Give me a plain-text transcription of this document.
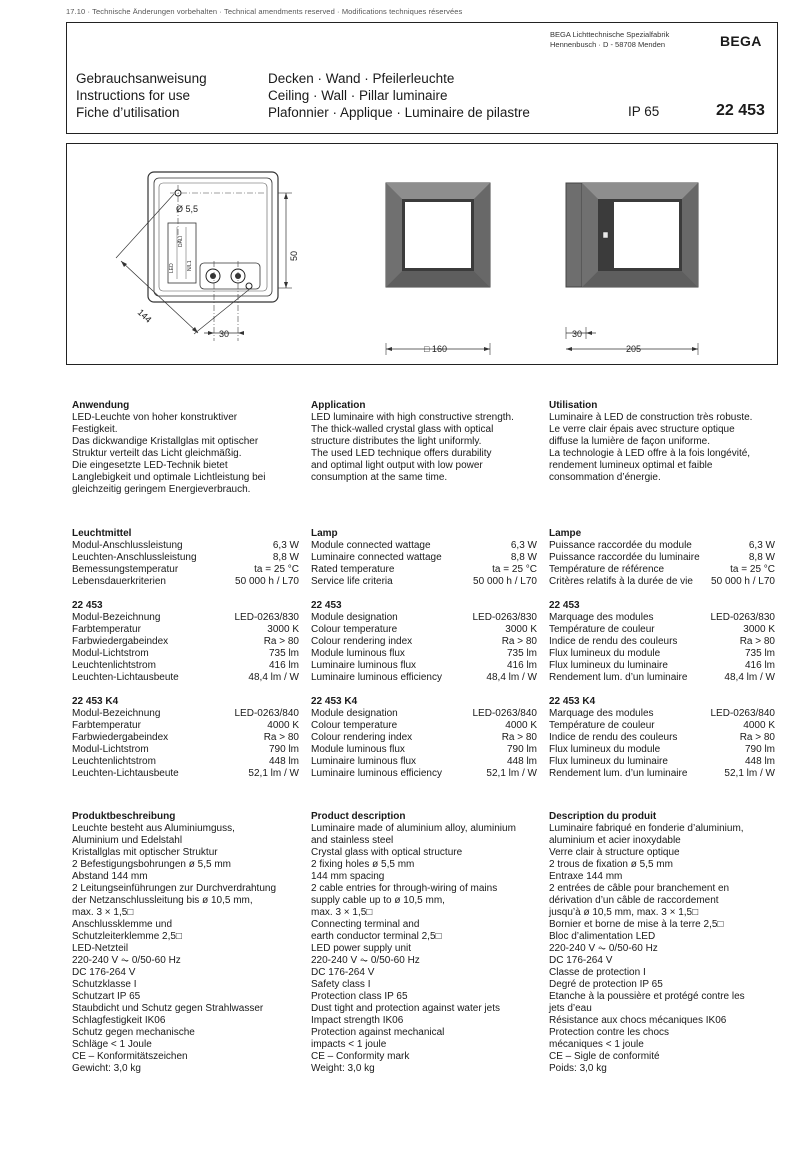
17.10 · Technische Änderungen vorbehalten · Technical amendments reserved · Modifications techniques réservées
BEGA Lichttechnische Spezialfabrik
Hennenbusch · D - 58708 Menden	BEGA
Gebrauchsanweisung
Instructions for use
Fiche d’utilisation
Decken · Wand · Pfeilerleuchte
Ceiling · Wall · Pillar luminaire
Plafonnier · Applique · Luminaire de pilastre	IP 65	22 453
LED
DALI
N/L1
Ø 5,5
144
30
50
□ 160
30
205
Anwendung

LED-Leuchte von hoher konstruktiver

Festigkeit.

Das dickwandige Kristallglas mit optischer

Struktur verteilt das Licht gleichmäßig.

Die eingesetzte LED-Technik bietet

Langlebigkeit und optimale Lichtleistung bei

gleichzeitig geringem Energieverbrauch.

Application

LED luminaire with high constructive strength.

The thick-walled crystal glass with optical

structure distributes the light uniformly.

The used LED technique offers durability

and optimal light output with low power

consumption at the same time.

Utilisation

Luminaire à LED de construction très robuste.

Le verre clair épais avec structure optique

diffuse la lumière de façon uniforme.

La technologie à LED offre à la fois longévité,

rendement lumineux optimal et faible

consommation d’énergie.

Leuchtmittel
Modul-Anschlussleistung	6,3 W
Leuchten-Anschlussleistung	8,8 W
Bemessungstemperatur	ta = 25 °C
Lebensdauerkriterien	50 000 h / L70
22 453
Modul-Bezeichnung	LED-0263/830
Farbtemperatur	3000 K
Farbwiedergabeindex	Ra > 80
Modul-Lichtstrom	735 lm
Leuchtenlichtstrom	416 lm
Leuchten-Lichtausbeute	48,4 lm / W
22 453 K4
Modul-Bezeichnung	LED-0263/840
Farbtemperatur	4000 K
Farbwiedergabeindex	Ra > 80
Modul-Lichtstrom	790 lm
Leuchtenlichtstrom	448 lm
Leuchten-Lichtausbeute	52,1 lm / W
Lamp
Module connected wattage	6,3 W
Luminaire connected wattage	8,8 W
Rated temperature	ta = 25 °C
Service life criteria	50 000 h / L70
22 453
Module designation	LED-0263/830
Colour temperature	3000 K
Colour rendering index	Ra > 80
Module luminous flux	735 lm
Luminaire luminous flux	416 lm
Luminaire luminous efficiency	48,4 lm / W
22 453 K4
Module designation	LED-0263/840
Colour temperature	4000 K
Colour rendering index	Ra > 80
Module luminous flux	790 lm
Luminaire luminous flux	448 lm
Luminaire luminous efficiency	52,1 lm / W
Lampe
Puissance raccordée du module	6,3 W
Puissance raccordée du luminaire	8,8 W
Température de référence	ta = 25 °C
Critères relatifs à la durée de vie 50 000 h / L70
22 453
Marquage des modules	LED-0263/830
Température de couleur	3000 K
Indice de rendu des couleurs	Ra > 80
Flux lumineux du module	735 lm
Flux lumineux du luminaire	416 lm
Rendement lum. d’un luminaire	48,4 lm / W
22 453 K4
Marquage des modules	LED-0263/840
Température de couleur	4000 K
Indice de rendu des couleurs	Ra > 80
Flux lumineux du module	790 lm
Flux lumineux du luminaire	448 lm
Rendement lum. d’un luminaire	52,1 lm / W
Produktbeschreibung

Leuchte besteht aus Aluminiumguss,

Aluminium und Edelstahl

Kristallglas mit optischer Struktur

2 Befestigungsbohrungen ø 5,5 mm

Abstand 144 mm

2 Leitungseinführungen zur Durchverdrahtung

der Netzanschlussleitung bis ø 10,5 mm,

max. 3 × 1,5□

Anschlussklemme und

Schutzleiterklemme 2,5□

LED-Netzteil

220-240 V ⏦ 0/50-60 Hz

DC 176-264 V

Schutzklasse I

Schutzart IP 65

Staubdicht und Schutz gegen Strahlwasser

Schlagfestigkeit IK06

Schutz gegen mechanische

Schläge < 1 Joule

CE – Konformitätszeichen

Gewicht: 3,0 kg

Product description

Luminaire made of aluminium alloy, aluminium

and stainless steel

Crystal glass with optical structure

2 fixing holes ø 5,5 mm

144 mm spacing

2 cable entries for through-wiring of mains

supply cable up to ø 10,5 mm,

max. 3 × 1,5□

Connecting terminal and

earth conductor terminal 2,5□

LED power supply unit

220-240 V ⏦ 0/50-60 Hz

DC 176-264 V

Safety class I

Protection class IP 65

Dust tight and protection against water jets

Impact strength IK06

Protection against mechanical

impacts < 1 joule

CE – Conformity mark

Weight: 3,0 kg

Description du produit

Luminaire fabriqué en fonderie d’aluminium,

aluminium et acier inoxydable

Verre clair à structure optique

2 trous de fixation ø 5,5 mm

Entraxe 144 mm

2 entrées de câble pour branchement en

dérivation d’un câble de raccordement

jusqu’à ø 10,5 mm, max. 3 × 1,5□

Bornier et borne de mise à la terre 2,5□

Bloc d’alimentation LED

220-240 V ⏦ 0/50-60 Hz

DC 176-264 V

Classe de protection I

Degré de protection IP 65

Etanche à la poussière et protégé contre les

jets d’eau

Résistance aux chocs mécaniques IK06

Protection contre les chocs

mécaniques < 1 joule

CE – Sigle de conformité

Poids: 3,0 kg
